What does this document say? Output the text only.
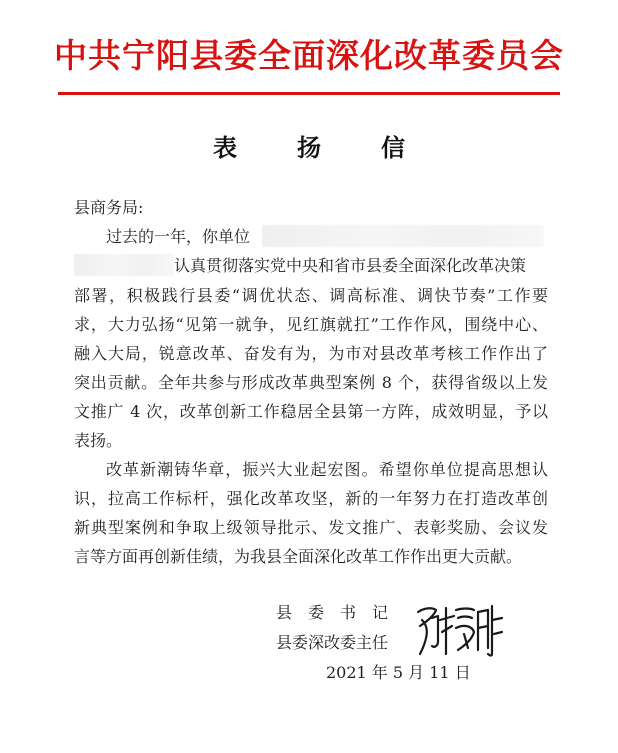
中共宁阳县委全面深化改革委员会
表　扬　信
县商务局:
过去的一年，你单位
认真贯彻落实党中央和省市县委全面深化改革决策
部署，积极践行县委“调优状态、调高标准、调快节奏”工作要
求，大力弘扬“见第一就争，见红旗就扛”工作作风，围绕中心、
融入大局，锐意改革、奋发有为，为市对县改革考核工作作出了
突出贡献。全年共参与形成改革典型案例 8 个，获得省级以上发
文推广 4 次，改革创新工作稳居全县第一方阵，成效明显，予以
表扬。
改革新潮铸华章，振兴大业起宏图。希望你单位提高思想认
识，拉高工作标杆，强化改革攻坚，新的一年努力在打造改革创
新典型案例和争取上级领导批示、发文推广、表彰奖励、会议发
言等方面再创新佳绩，为我县全面深化改革工作作出更大贡献。
县　委　书　记
县委深改委主任
2021 年 5 月 11 日
